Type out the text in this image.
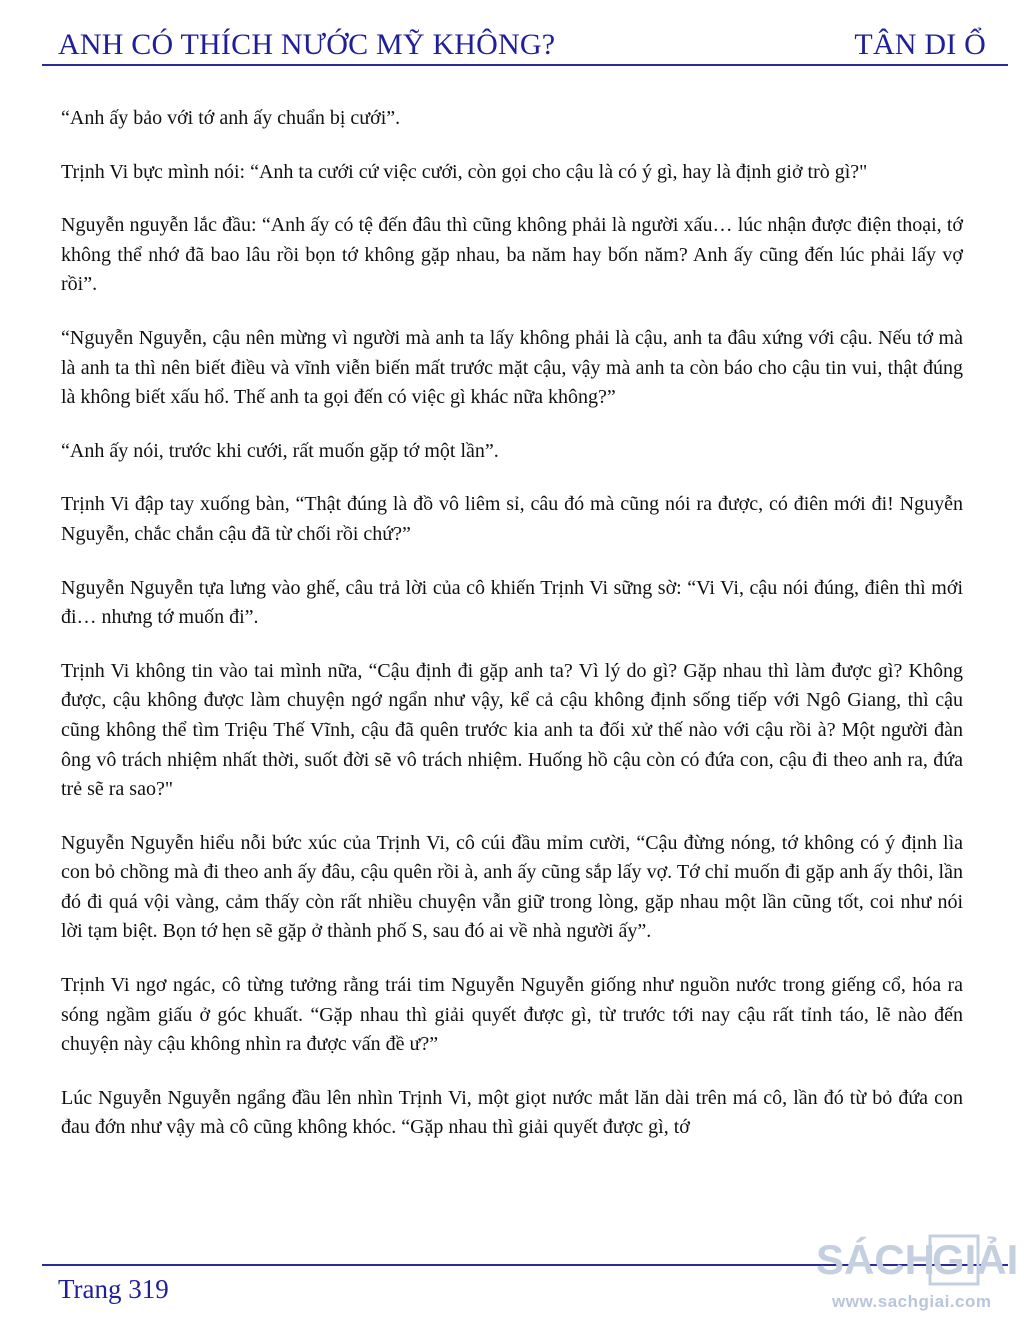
ANH CÓ THÍCH NƯỚC MỸ KHÔNG?	TÂN DI Ổ

“Anh ấy bảo với tớ anh ấy chuẩn bị cưới”.

Trịnh Vi bực mình nói: “Anh ta cưới cứ việc cưới, còn gọi cho cậu là có ý gì, hay là định giở trò gì?"

Nguyễn nguyễn lắc đầu: “Anh ấy có tệ đến đâu thì cũng không phải là người xấu… lúc nhận được điện thoại, tớ không thể nhớ đã bao lâu rồi bọn tớ không gặp nhau, ba năm hay bốn năm? Anh ấy cũng đến lúc phải lấy vợ rồi”.

“Nguyễn Nguyễn, cậu nên mừng vì người mà anh ta lấy không phải là cậu, anh ta đâu xứng với cậu. Nếu tớ mà là anh ta thì nên biết điều và vĩnh viễn biến mất trước mặt cậu, vậy mà anh ta còn báo cho cậu tin vui, thật đúng là không biết xấu hổ. Thế anh ta gọi đến có việc gì khác nữa không?”

“Anh ấy nói, trước khi cưới, rất muốn gặp tớ một lần”.

Trịnh Vi đập tay xuống bàn, “Thật đúng là đồ vô liêm sỉ, câu đó mà cũng nói ra được, có điên mới đi! Nguyễn Nguyễn, chắc chắn cậu đã từ chối rồi chứ?”

Nguyễn Nguyễn tựa lưng vào ghế, câu trả lời của cô khiến Trịnh Vi sững sờ: “Vi Vi, cậu nói đúng, điên thì mới đi… nhưng tớ muốn đi”.

Trịnh Vi không tin vào tai mình nữa, “Cậu định đi gặp anh ta? Vì lý do gì? Gặp nhau thì làm được gì? Không được, cậu không được làm chuyện ngớ ngẩn như vậy, kể cả cậu không định sống tiếp với Ngô Giang, thì cậu cũng không thể tìm Triệu Thế Vĩnh, cậu đã quên trước kia anh ta đối xử thế nào với cậu rồi à? Một người đàn ông vô trách nhiệm nhất thời, suốt đời sẽ vô trách nhiệm. Huống hồ cậu còn có đứa con, cậu đi theo anh ra, đứa trẻ sẽ ra sao?"

Nguyễn Nguyễn hiểu nỗi bức xúc của Trịnh Vi, cô cúi đầu mỉm cười, “Cậu đừng nóng, tớ không có ý định lìa con bỏ chồng mà đi theo anh ấy đâu, cậu quên rồi à, anh ấy cũng sắp lấy vợ. Tớ chỉ muốn đi gặp anh ấy thôi, lần đó đi quá vội vàng, cảm thấy còn rất nhiều chuyện vẫn giữ trong lòng, gặp nhau một lần cũng tốt, coi như nói lời tạm biệt. Bọn tớ hẹn sẽ gặp ở thành phố S, sau đó ai về nhà người ấy”.

Trịnh Vi ngơ ngác, cô từng tưởng rằng trái tim Nguyễn Nguyễn giống như nguồn nước trong giếng cổ, hóa ra sóng ngầm giấu ở góc khuất. “Gặp nhau thì giải quyết được gì, từ trước tới nay cậu rất tỉnh táo, lẽ nào đến chuyện này cậu không nhìn ra được vấn đề ư?”

Lúc Nguyễn Nguyễn ngẩng đầu lên nhìn Trịnh Vi, một giọt nước mắt lăn dài trên má cô, lần đó từ bỏ đứa con đau đớn như vậy mà cô cũng không khóc. “Gặp nhau thì giải quyết được gì, tớ

Trang 319
SÁCH
GIẢI
www.sachgiai.com
